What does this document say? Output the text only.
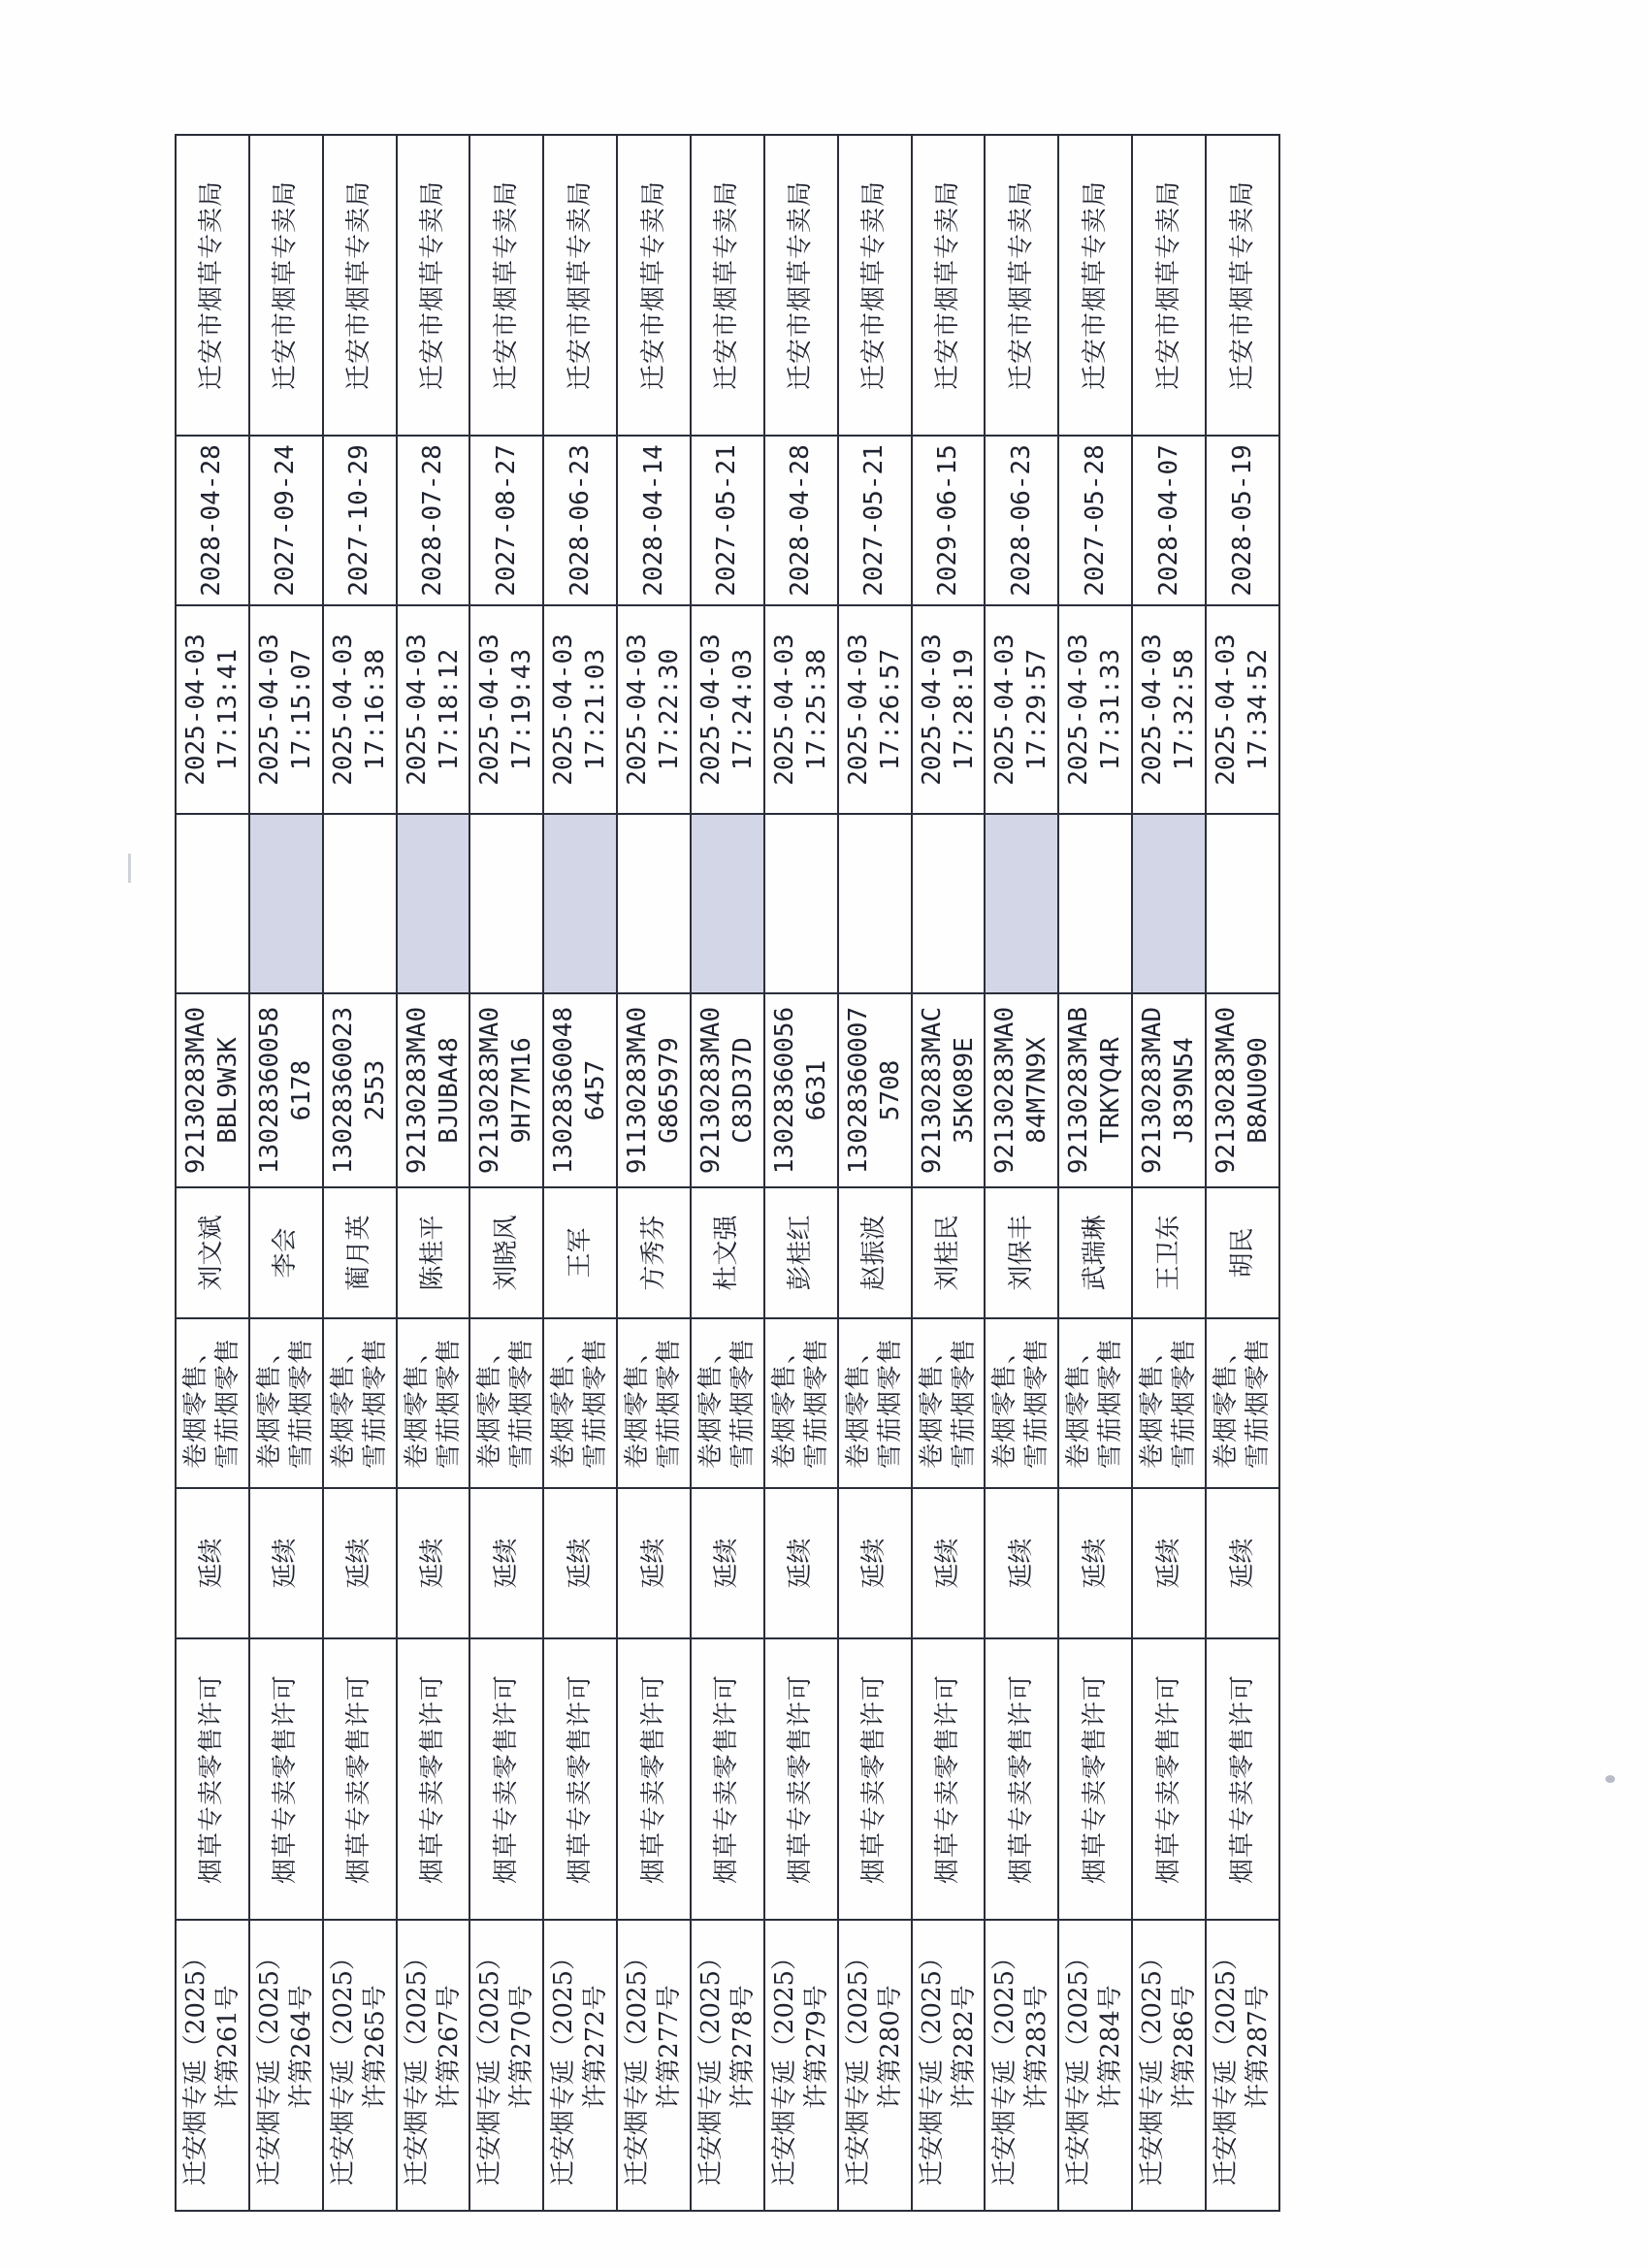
迁安烟专延（2025） 许第261号	烟草专卖零售许可	延续	卷烟零售、 雪茄烟零售	刘文斌	92130283MA0 BBL9W3K		2025-04-03 17:13:41	2028-04-28	迁安市烟草专卖局

迁安烟专延（2025） 许第264号	烟草专卖零售许可	延续	卷烟零售、 雪茄烟零售	李会	13028360058 6178		2025-04-03 17:15:07	2027-09-24	迁安市烟草专卖局

迁安烟专延（2025） 许第265号	烟草专卖零售许可	延续	卷烟零售、 雪茄烟零售	蔺月英	13028360023 2553		2025-04-03 17:16:38	2027-10-29	迁安市烟草专卖局

迁安烟专延（2025） 许第267号	烟草专卖零售许可	延续	卷烟零售、 雪茄烟零售	陈桂平	92130283MA0 BJUBA48		2025-04-03 17:18:12	2028-07-28	迁安市烟草专卖局

迁安烟专延（2025） 许第270号	烟草专卖零售许可	延续	卷烟零售、 雪茄烟零售	刘晓风	92130283MA0 9H77M16		2025-04-03 17:19:43	2027-08-27	迁安市烟草专卖局

迁安烟专延（2025） 许第272号	烟草专卖零售许可	延续	卷烟零售、 雪茄烟零售	王军	13028360048 6457		2025-04-03 17:21:03	2028-06-23	迁安市烟草专卖局

迁安烟专延（2025） 许第277号	烟草专卖零售许可	延续	卷烟零售、 雪茄烟零售	方秀芬	91130283MA0 G865979		2025-04-03 17:22:30	2028-04-14	迁安市烟草专卖局

迁安烟专延（2025） 许第278号	烟草专卖零售许可	延续	卷烟零售、 雪茄烟零售	杜文强	92130283MA0 C83D37D		2025-04-03 17:24:03	2027-05-21	迁安市烟草专卖局

迁安烟专延（2025） 许第279号	烟草专卖零售许可	延续	卷烟零售、 雪茄烟零售	彭桂红	13028360056 6631		2025-04-03 17:25:38	2028-04-28	迁安市烟草专卖局

迁安烟专延（2025） 许第280号	烟草专卖零售许可	延续	卷烟零售、 雪茄烟零售	赵振波	13028360007 5708		2025-04-03 17:26:57	2027-05-21	迁安市烟草专卖局

迁安烟专延（2025） 许第282号	烟草专卖零售许可	延续	卷烟零售、 雪茄烟零售	刘桂民	92130283MAC 35K089E		2025-04-03 17:28:19	2029-06-15	迁安市烟草专卖局

迁安烟专延（2025） 许第283号	烟草专卖零售许可	延续	卷烟零售、 雪茄烟零售	刘保丰	92130283MA0 84M7N9X		2025-04-03 17:29:57	2028-06-23	迁安市烟草专卖局

迁安烟专延（2025） 许第284号	烟草专卖零售许可	延续	卷烟零售、 雪茄烟零售	武瑞琳	92130283MAB TRKYQ4R		2025-04-03 17:31:33	2027-05-28	迁安市烟草专卖局

迁安烟专延（2025） 许第286号	烟草专卖零售许可	延续	卷烟零售、 雪茄烟零售	王卫东	92130283MAD J839N54		2025-04-03 17:32:58	2028-04-07	迁安市烟草专卖局

迁安烟专延（2025） 许第287号	烟草专卖零售许可	延续	卷烟零售、 雪茄烟零售	胡民	92130283MA0 B8AU090		2025-04-03 17:34:52	2028-05-19	迁安市烟草专卖局
